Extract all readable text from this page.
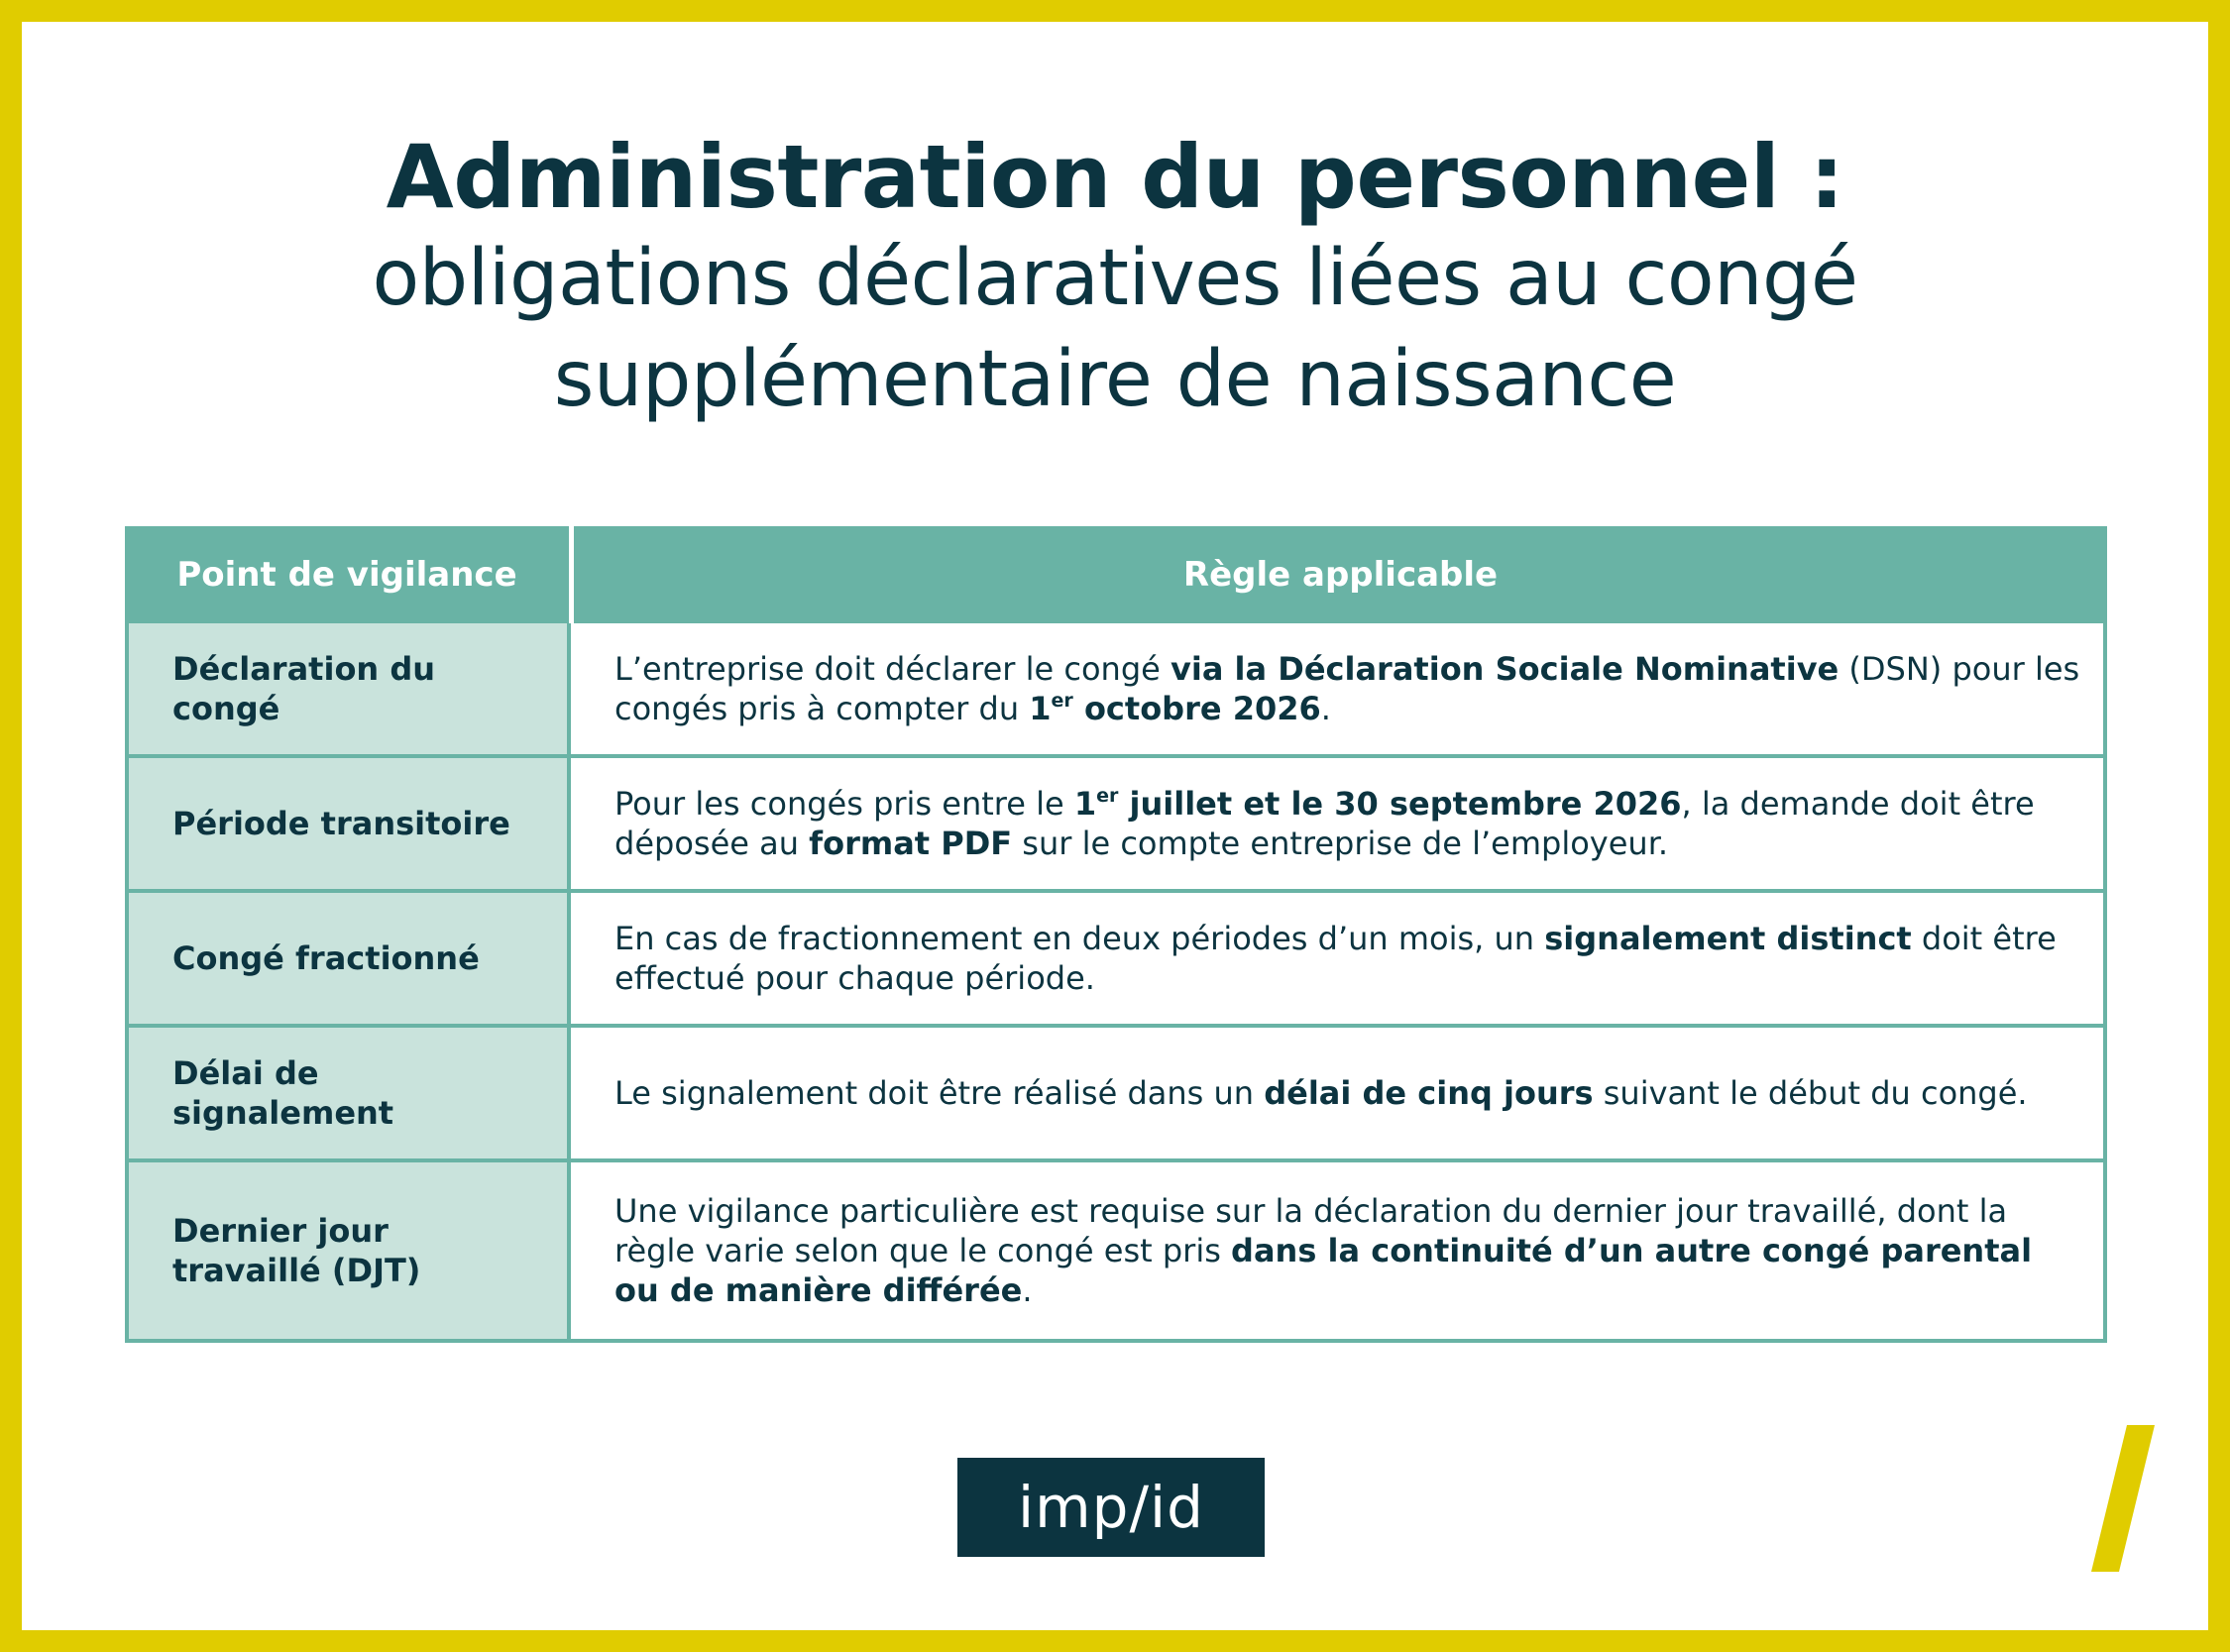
Administration du personnel :
obligations déclaratives liées au congé
supplémentaire de naissance
Point de vigilance	Règle applicable
Déclaration du congé
L’entreprise doit déclarer le congé via la Déclaration Sociale Nominative (DSN) pour les congés pris à compter du 1er octobre 2026.
Période transitoire
Pour les congés pris entre le 1er juillet et le 30 septembre 2026, la demande doit être déposée au format PDF sur le compte entreprise de l’employeur.
Congé fractionné
En cas de fractionnement en deux périodes d’un mois, un signalement distinct doit être effectué pour chaque période.
Délai de signalement
Le signalement doit être réalisé dans un délai de cinq jours suivant le début du congé.
Dernier jour travaillé (DJT)
Une vigilance particulière est requise sur la déclaration du dernier jour travaillé, dont la règle varie selon que le congé est pris dans la continuité d’un autre congé parental ou de manière différée.
imp/id
